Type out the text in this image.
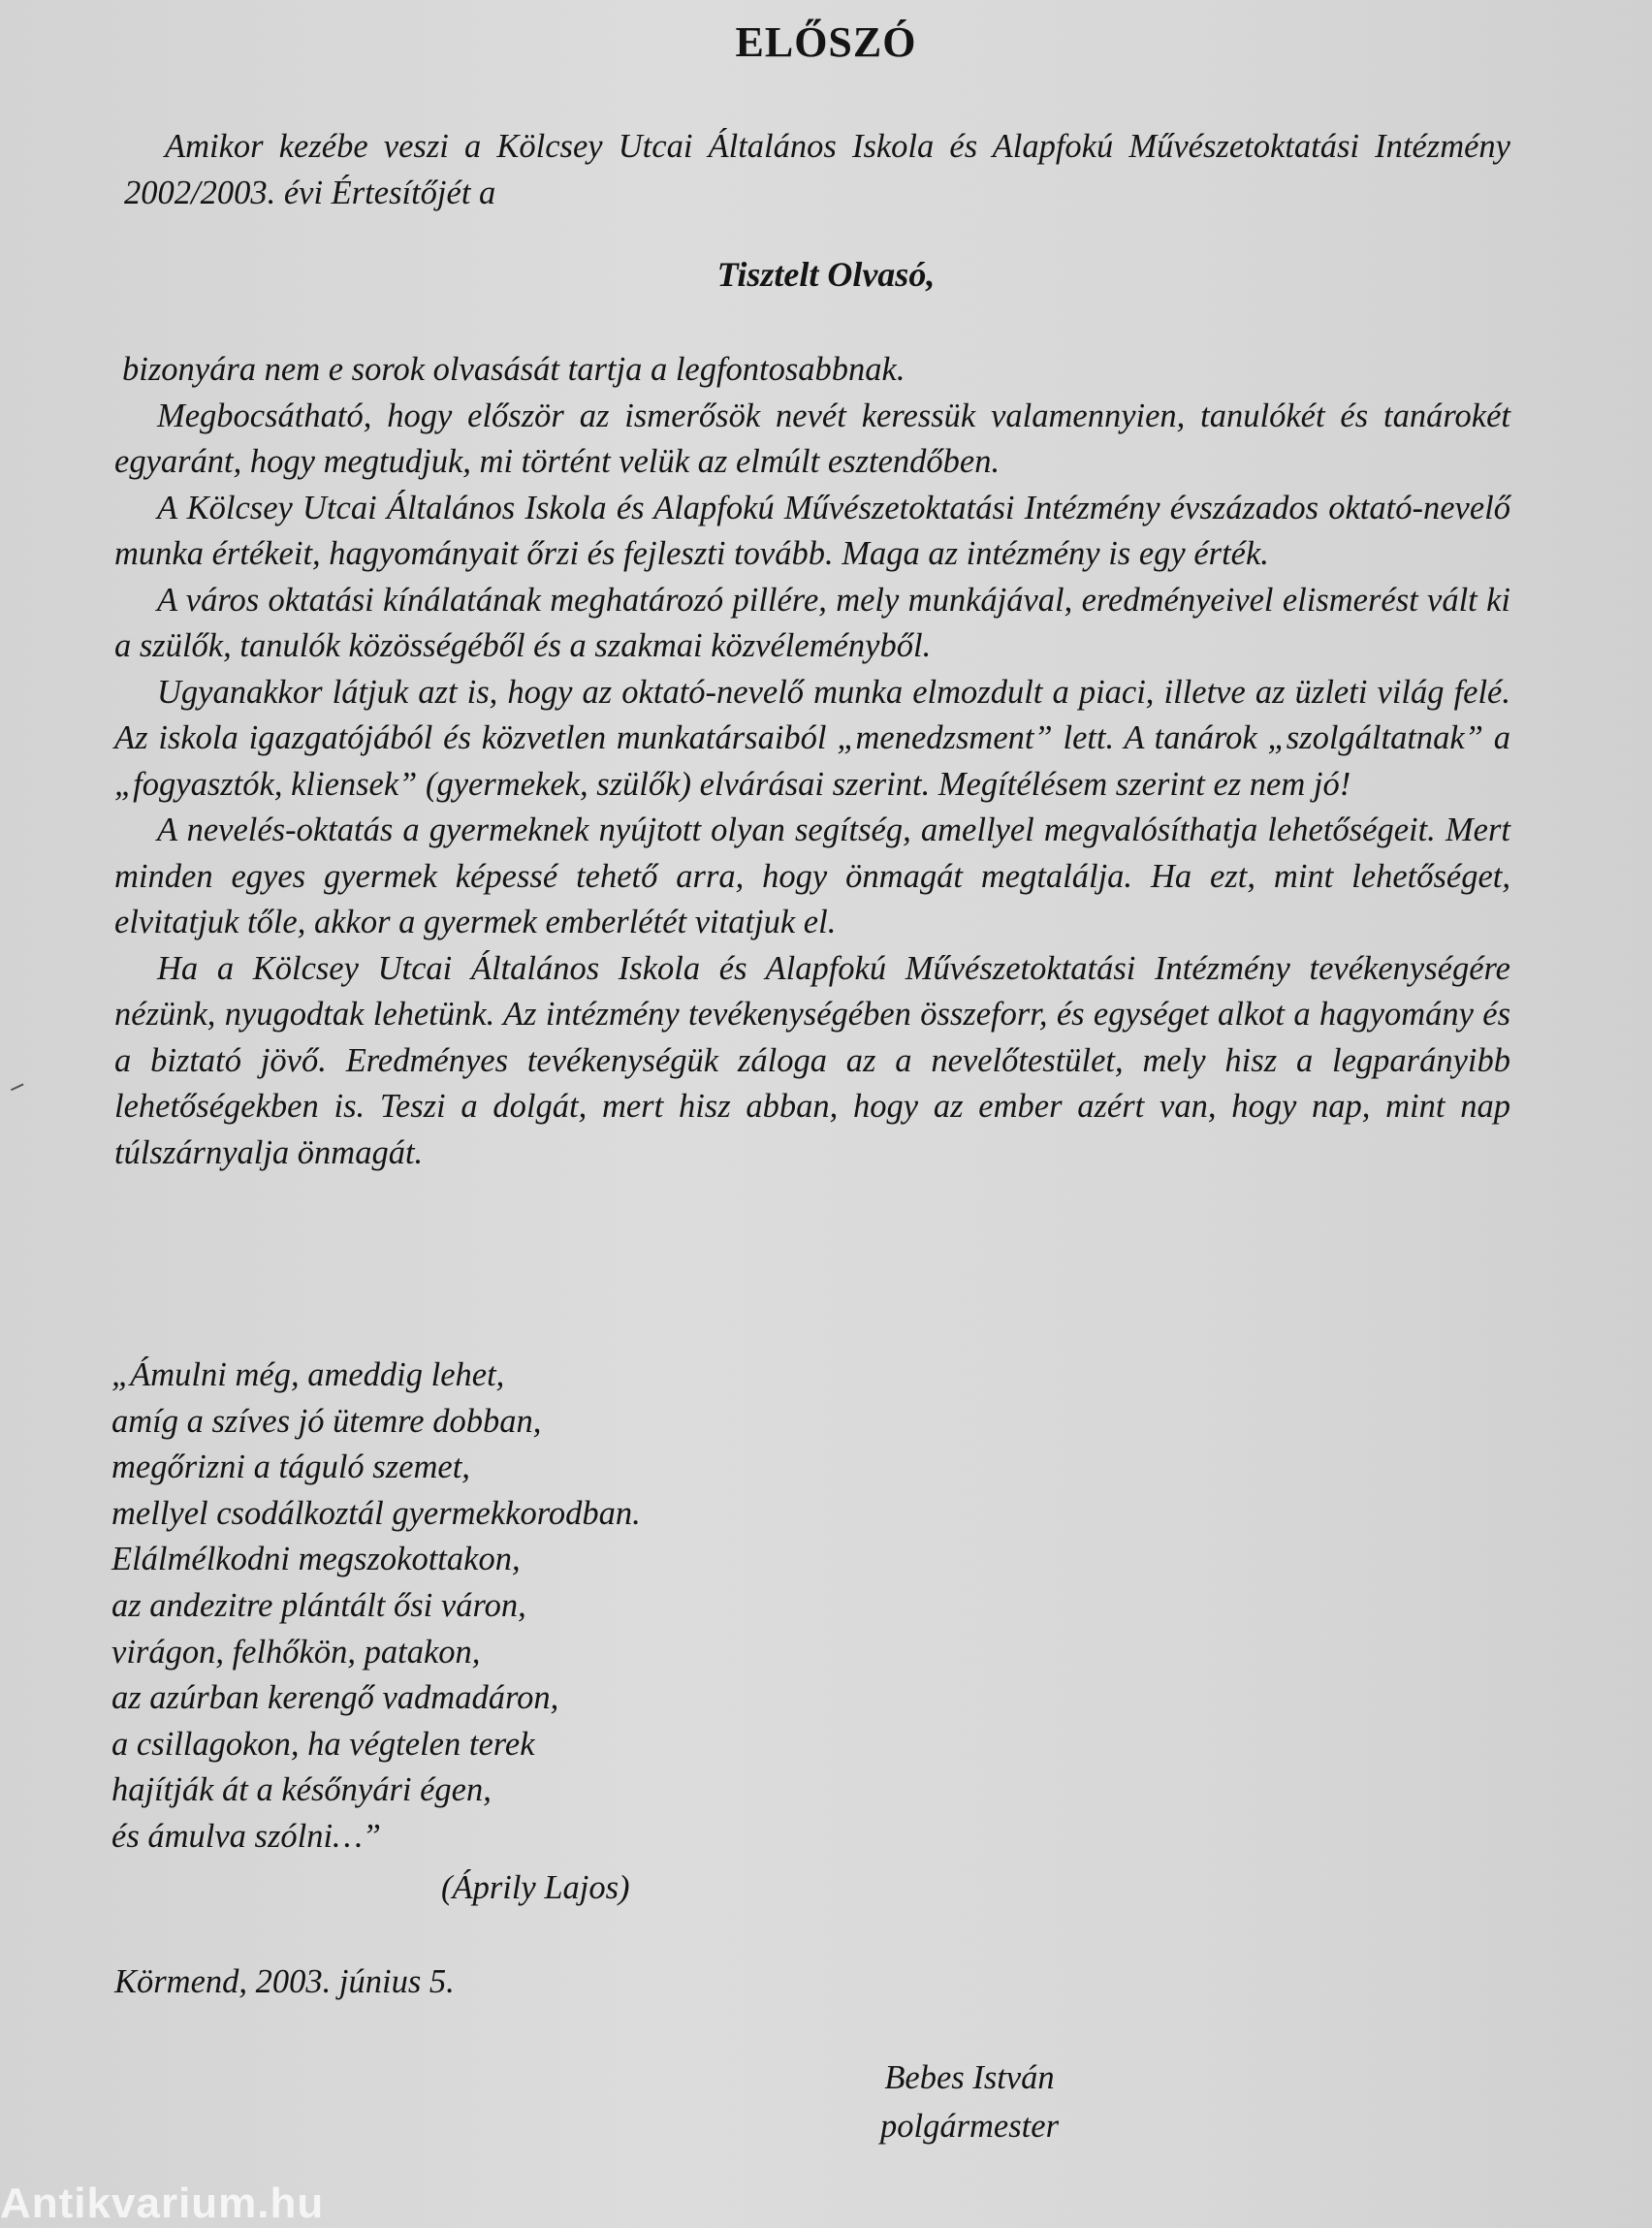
ELŐSZÓ
Amikor kezébe veszi a Kölcsey Utcai Általános Iskola és Alapfokú Művészetoktatási Intézmény 2002/2003. évi Értesítőjét a
Tisztelt Olvasó,

bizonyára nem e sorok olvasását tartja a legfontosabbnak.

Megbocsátható, hogy először az ismerősök nevét keressük valamennyien, tanulókét és tanárokét egyaránt, hogy megtudjuk, mi történt velük az elmúlt esztendőben.

A Kölcsey Utcai Általános Iskola és Alapfokú Művészetoktatási Intézmény évszázados oktató-nevelő munka értékeit, hagyományait őrzi és fejleszti tovább. Maga az intézmény is egy érték.

A város oktatási kínálatának meghatározó pillére, mely munkájával, eredményeivel elismerést vált ki a szülők, tanulók közösségéből és a szakmai közvéleményből.

Ugyanakkor látjuk azt is, hogy az oktató-nevelő munka elmozdult a piaci, illetve az üzleti világ felé. Az iskola igazgatójából és közvetlen munkatársaiból „menedzsment” lett. A tanárok „szolgáltatnak” a „fogyasztók, kliensek” (gyermekek, szülők) elvárásai szerint. Megítélésem szerint ez nem jó!

A nevelés-oktatás a gyermeknek nyújtott olyan segítség, amellyel megvalósíthatja lehetőségeit. Mert minden egyes gyermek képessé tehető arra, hogy önmagát megtalálja. Ha ezt, mint lehetőséget, elvitatjuk tőle, akkor a gyermek emberlétét vitatjuk el.

Ha a Kölcsey Utcai Általános Iskola és Alapfokú Művészetoktatási Intézmény tevékenységére nézünk, nyugodtak lehetünk. Az intézmény tevékenységében összeforr, és egységet alkot a hagyomány és a biztató jövő. Eredményes tevékenységük záloga az a nevelőtestület, mely hisz a legparányibb lehetőségekben is. Teszi a dolgát, mert hisz abban, hogy az ember azért van, hogy nap, mint nap túlszárnyalja önmagát.

„Ámulni még, ameddig lehet,
amíg a szíves jó ütemre dobban,
megőrizni a táguló szemet,
mellyel csodálkoztál gyermekkorodban.
Elálmélkodni megszokottakon,
az andezitre plántált ősi váron,
virágon, felhőkön, patakon,
az azúrban kerengő vadmadáron,
a csillagokon, ha végtelen terek
hajítják át a későnyári égen,
és ámulva szólni…”
(Áprily Lajos)
Körmend, 2003. június 5.
Bebes István
polgármester
Antikvarium.hu
